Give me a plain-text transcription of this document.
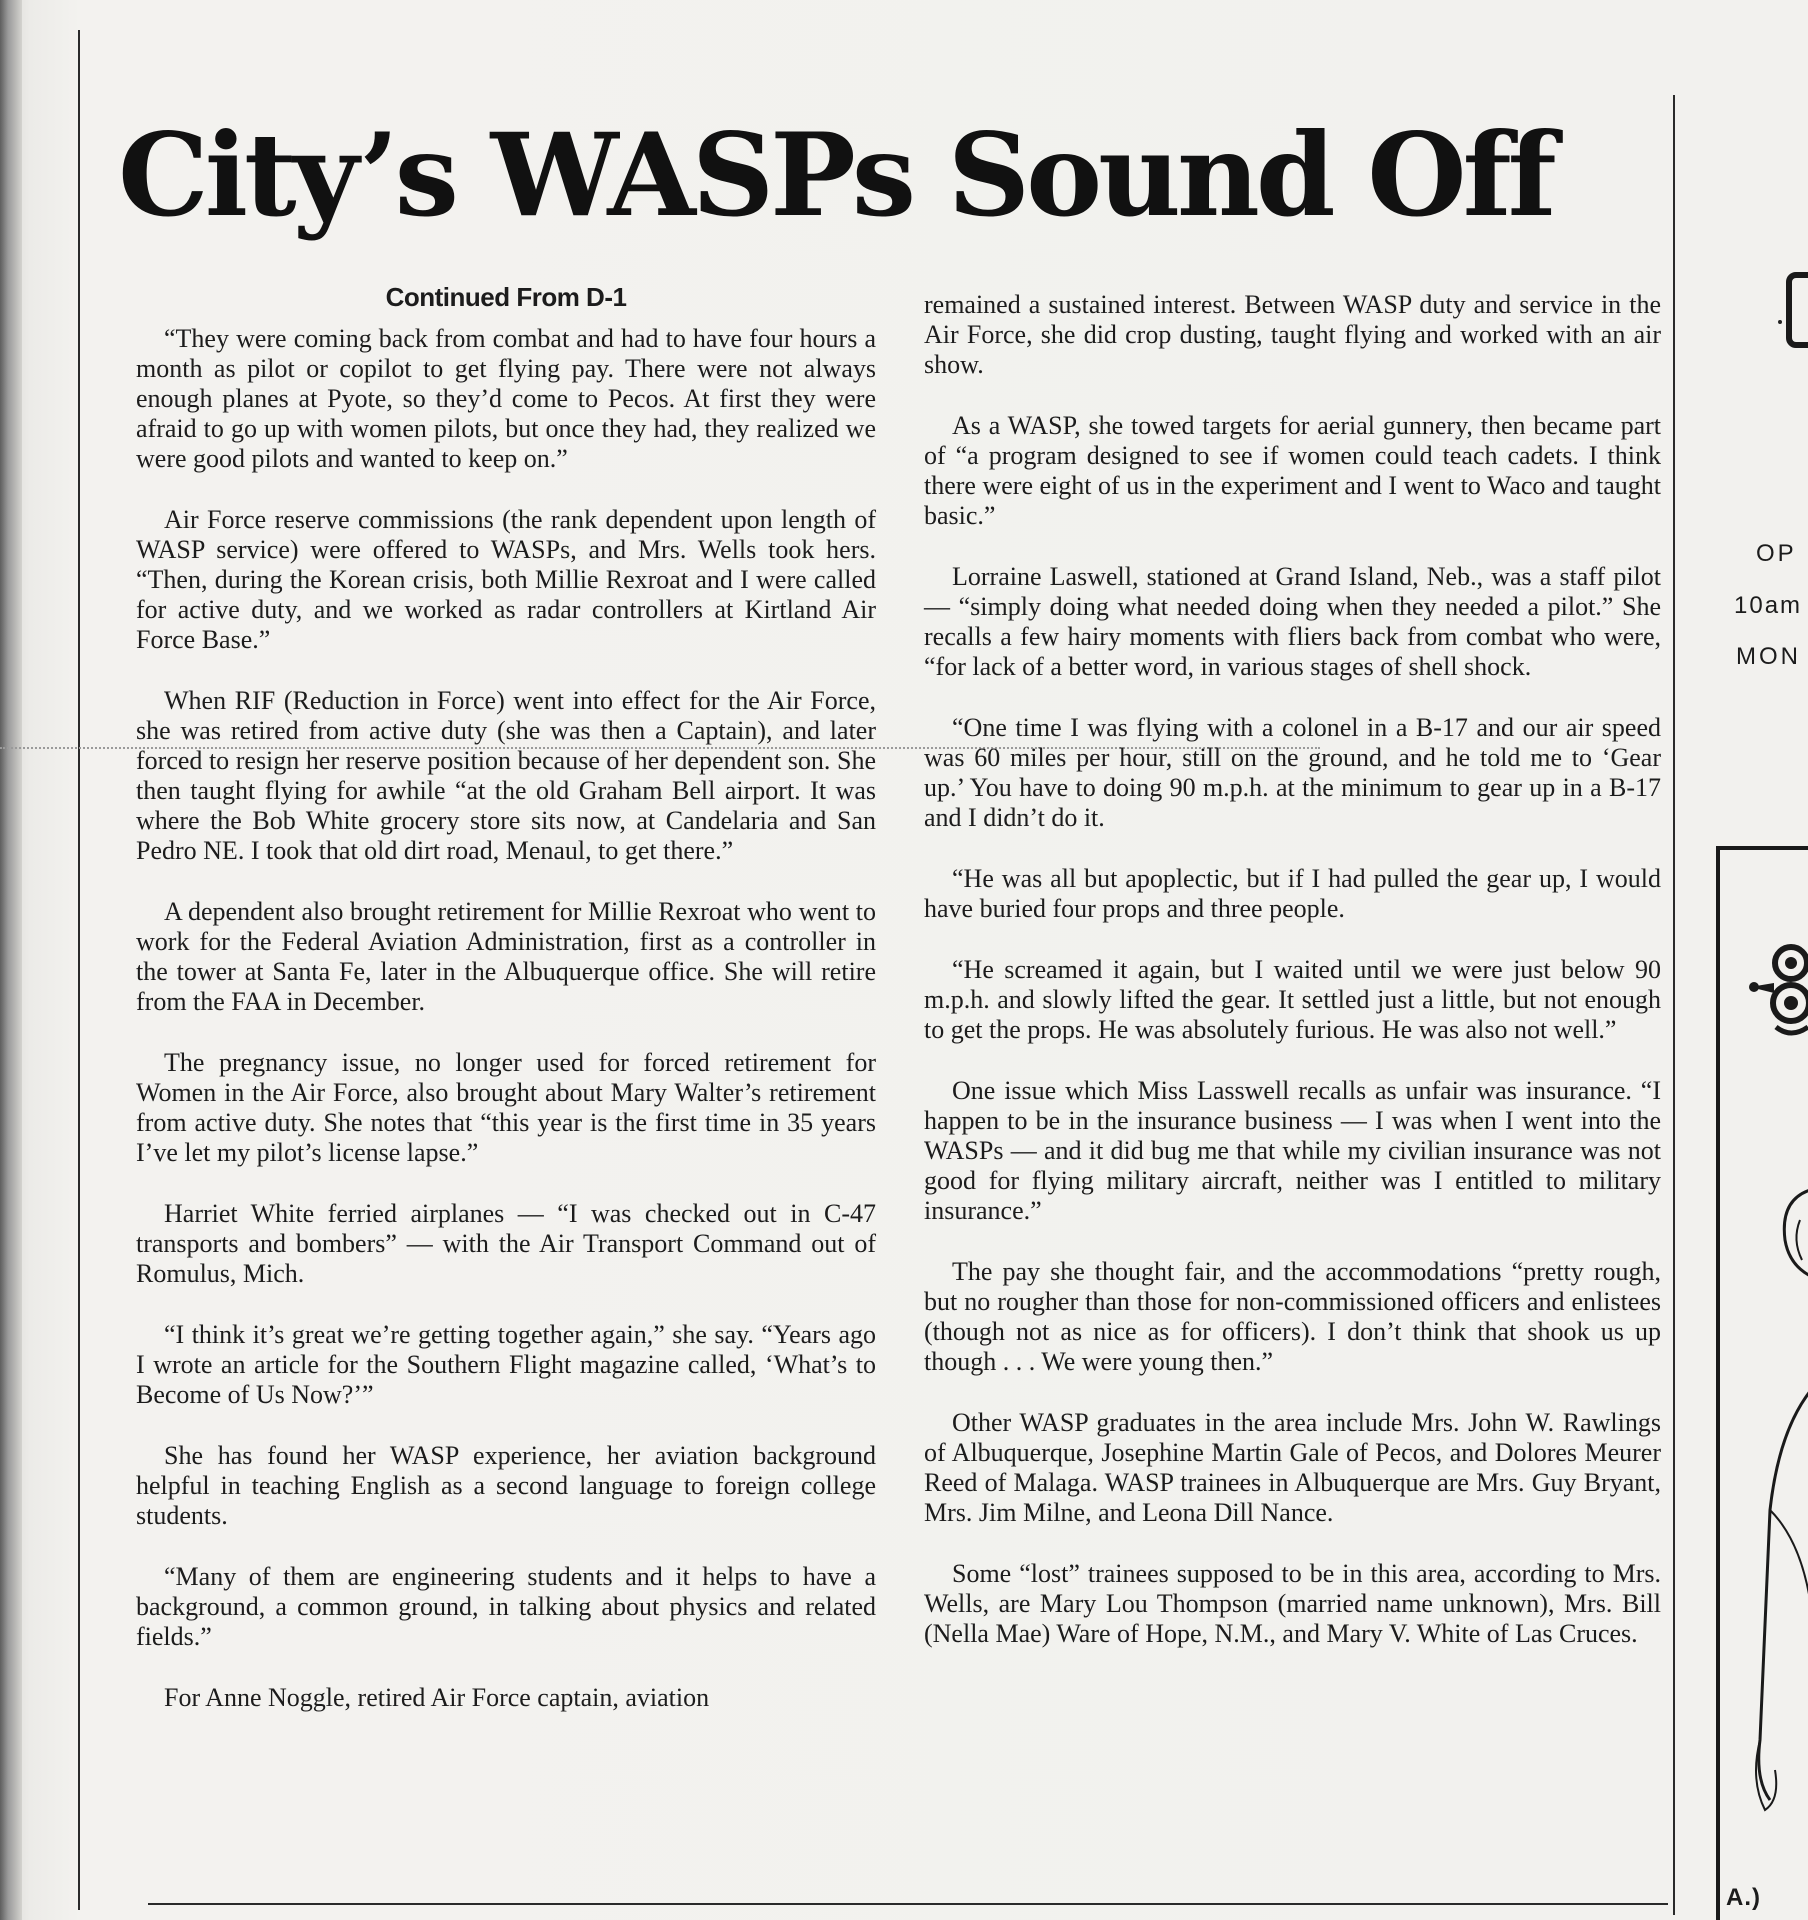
City’s WASPs Sound Off

Continued From D-1

“They were coming back from combat and had to have four hours a month as pilot or copilot to get flying pay. There were not always enough planes at Pyote, so they’d come to Pecos. At first they were afraid to go up with women pilots, but once they had, they realized we were good pilots and wanted to keep on.”

Air Force reserve commissions (the rank dependent upon length of WASP service) were offered to WASPs, and Mrs. Wells took hers. “Then, during the Korean crisis, both Millie Rexroat and I were called for active duty, and we worked as radar controllers at Kirtland Air Force Base.”

When RIF (Reduction in Force) went into effect for the Air Force, she was retired from active duty (she was then a Captain), and later forced to resign her reserve position because of her dependent son. She then taught flying for awhile “at the old Graham Bell airport. It was where the Bob White grocery store sits now, at Candelaria and San Pedro NE. I took that old dirt road, Menaul, to get there.”

A dependent also brought retirement for Millie Rexroat who went to work for the Federal Aviation Administration, first as a controller in the tower at Santa Fe, later in the Albuquerque office. She will retire from the FAA in December.

The pregnancy issue, no longer used for forced retirement for Women in the Air Force, also brought about Mary Walter’s retirement from active duty. She notes that “this year is the first time in 35 years I’ve let my pilot’s license lapse.”

Harriet White ferried airplanes — “I was checked out in C-47 transports and bombers” — with the Air Transport Command out of Romulus, Mich.

“I think it’s great we’re getting together again,” she say. “Years ago I wrote an article for the Southern Flight magazine called, ‘What’s to Become of Us Now?’”

She has found her WASP experience, her aviation background helpful in teaching English as a second language to foreign college students.

“Many of them are engineering students and it helps to have a background, a common ground, in talking about physics and related fields.”

For Anne Noggle, retired Air Force captain, aviation

remained a sustained interest. Between WASP duty and service in the Air Force, she did crop dusting, taught flying and worked with an air show.

As a WASP, she towed targets for aerial gunnery, then became part of “a program designed to see if women could teach cadets. I think there were eight of us in the experiment and I went to Waco and taught basic.”

Lorraine Laswell, stationed at Grand Island, Neb., was a staff pilot — “simply doing what needed doing when they needed a pilot.” She recalls a few hairy moments with fliers back from combat who were, “for lack of a better word, in various stages of shell shock.

“One time I was flying with a colonel in a B-17 and our air speed was 60 miles per hour, still on the ground, and he told me to ‘Gear up.’ You have to doing 90 m.p.h. at the minimum to gear up in a B-17 and I didn’t do it.

“He was all but apoplectic, but if I had pulled the gear up, I would have buried four props and three people.

“He screamed it again, but I waited until we were just below 90 m.p.h. and slowly lifted the gear. It settled just a little, but not enough to get the props. He was absolutely furious. He was also not well.”

One issue which Miss Lasswell recalls as unfair was insurance. “I happen to be in the insurance business — I was when I went into the WASPs — and it did bug me that while my civilian insurance was not good for flying military aircraft, neither was I entitled to military insurance.”

The pay she thought fair, and the accommodations “pretty rough, but no rougher than those for non-commissioned officers and enlistees (though not as nice as for officers). I don’t think that shook us up though . . . We were young then.”

Other WASP graduates in the area include Mrs. John W. Rawlings of Albuquerque, Josephine Martin Gale of Pecos, and Dolores Meurer Reed of Malaga. WASP trainees in Albuquerque are Mrs. Guy Bryant, Mrs. Jim Milne, and Leona Dill Nance.

Some “lost” trainees supposed to be in this area, according to Mrs. Wells, are Mary Lou Thompson (married name unknown), Mrs. Bill (Nella Mae) Ware of Hope, N.M., and Mary V. White of Las Cruces.

OP
10am
MON
A.)
